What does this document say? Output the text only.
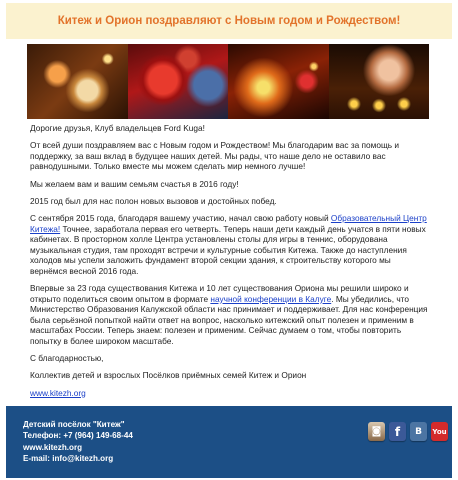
Китеж и Орион поздравляют с Новым годом и Рождеством!

Дорогие друзья, Клуб владельцев Ford Kuga!

От всей души поздравляем вас с Новым годом и Рождеством! Мы благодарим вас за помощь и поддержку, за ваш вклад в будущее наших детей. Мы рады, что наше дело не оставило вас равнодушными. Только вместе мы можем сделать мир немного лучше!

Мы желаем вам и вашим семьям счастья в 2016 году!

2015 год был для нас полон новых вызовов и достойных побед.

С сентября 2015 года, благодаря вашему участию, начал свою работу новый Образовательный Центр Китежа! Точнее, заработала первая его четверть. Теперь наши дети каждый день учатся в пяти новых кабинетах. В просторном холле Центра установлены столы для игры в теннис, оборудована музыкальная студия, там проходят встречи и культурные события Китежа. Также до наступления холодов мы успели заложить фундамент второй секции здания, к строительству которого мы вернёмся весной 2016 года.

Впервые за 23 года существования Китежа и 10 лет существования Ориона мы решили широко и открыто поделиться своим опытом в формате научной конференции в Калуге. Мы убедились, что Министерство Образования Калужской области нас принимает и поддерживает. Для нас конференция была серьёзной попыткой найти ответ на вопрос, насколько китежский опыт полезен и применим в масштабах России. Теперь знаем: полезен и применим. Сейчас думаем о том, чтобы повторить попытку в более широком масштабе.

С благодарностью,

Коллектив детей и взрослых Посёлков приёмных семей Китеж и Орион

www.kitezh.org

Детский посёлок "Китеж"
Телефон: +7 (964) 149-68-44
www.kitezh.org
E-mail: info@kitezh.org
◙	f	B	You
